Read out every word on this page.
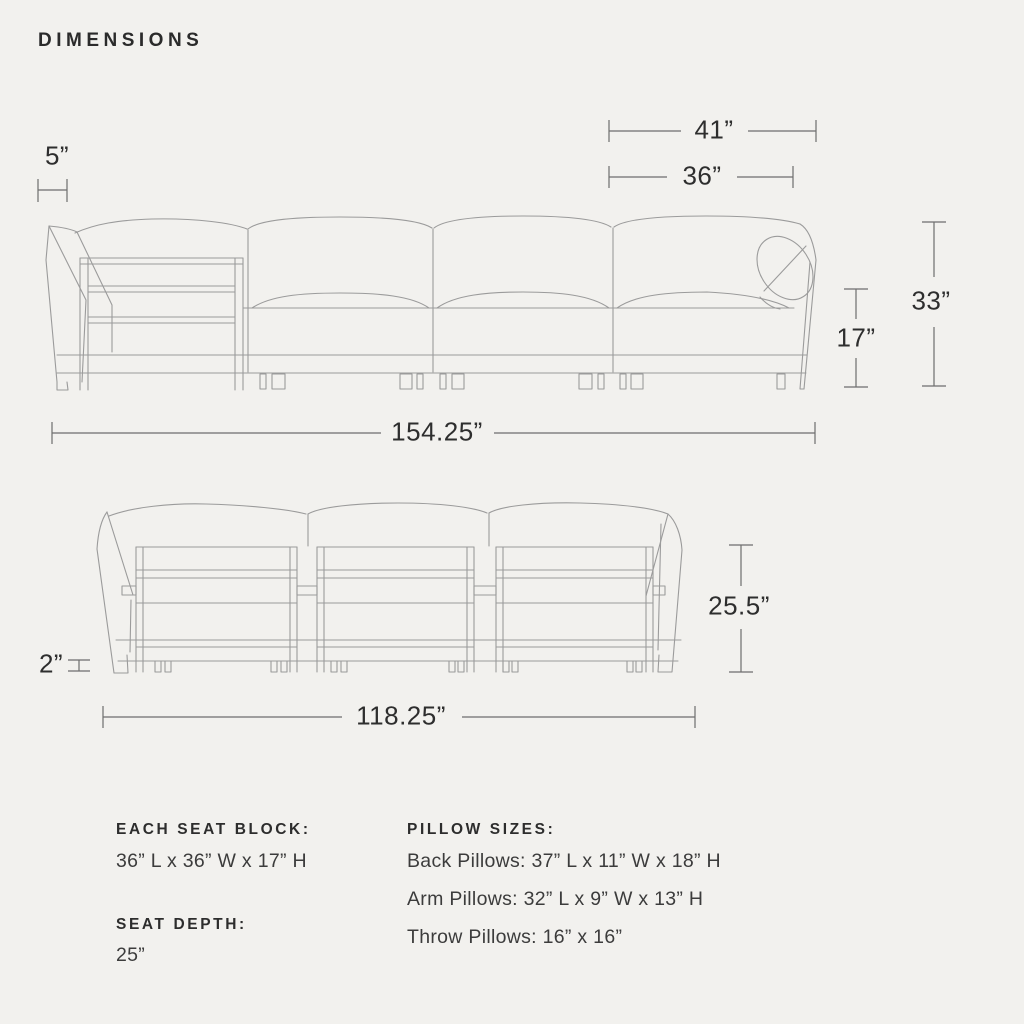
DIMENSIONS
5”
41”
36”
33”
17”
154.25”
2”
25.5”
118.25”
EACH SEAT BLOCK:
36” L x 36” W x 17” H
SEAT DEPTH:
25”
PILLOW SIZES:
Back Pillows: 37” L x 11” W x 18” H
Arm Pillows: 32” L x 9” W x 13” H
Throw Pillows: 16” x 16”
